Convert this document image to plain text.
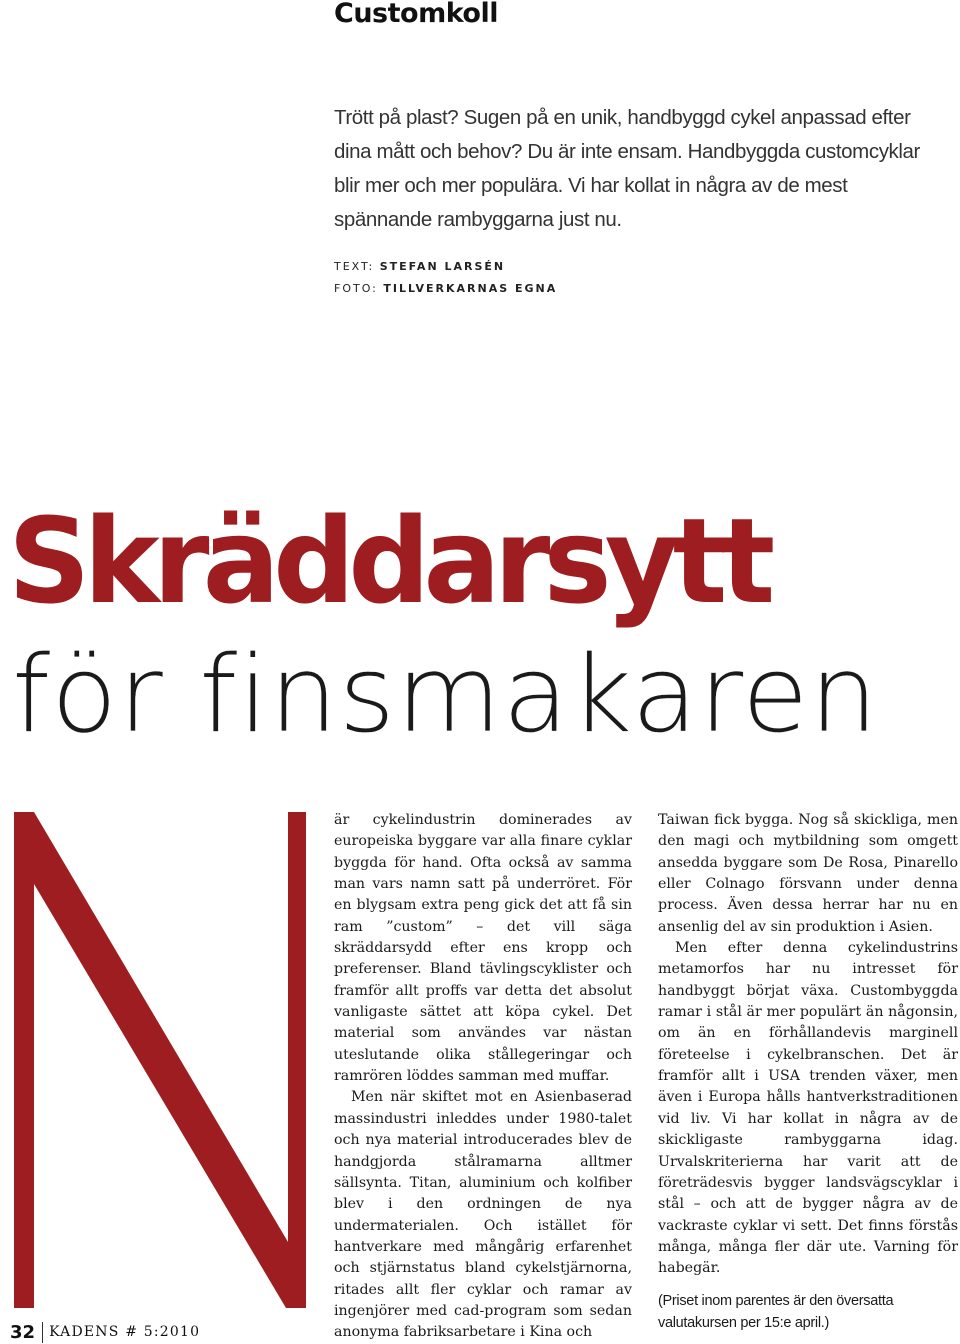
Customkoll

Trött på plast? Sugen på en unik, handbyggd cykel anpassad efter dina mått och behov? Du är inte ensam. Handbyggda customcyklar blir mer och mer populära. Vi har kollat in några av de mest spännande rambyggarna just nu.

TEXT: STEFAN LARSÉN
FOTO: TILLVERKARNAS EGNA
Skräddarsytt
för finsmakaren

är cykelindustrin dominerades av europeiska byggare var alla finare cyklar byggda för hand. Ofta också av samma man vars namn satt på underröret. För en blygsam extra peng gick det att få sin ram ”custom” – det vill säga skräddarsydd efter ens kropp och preferenser. Bland tävlingscyklister och framför allt proffs var detta det absolut vanligaste sättet att köpa cykel. Det material som användes var nästan uteslutande olika stållegeringar och ramrören löddes samman med muffar.

Men när skiftet mot en Asienbaserad massindustri inleddes under 1980-talet och nya material introducerades blev de handgjorda stålramarna alltmer sällsynta. Titan, aluminium och kolfiber blev i den ordningen de nya undermaterialen. Och istället för hantverkare med mångårig erfarenhet och stjärnstatus bland cykelstjärnorna, ritades allt fler cyklar och ramar av ingenjörer med cad-program som sedan anonyma fabriksarbetare i Kina och

Taiwan fick bygga. Nog så skickliga, men den magi och mytbildning som omgett ansedda byggare som De Rosa, Pinarello eller Colnago försvann under denna process. Även dessa herrar har nu en ansenlig del av sin produktion i Asien.

Men efter denna cykelindustrins metamorfos har nu intresset för handbyggt börjat växa. Custombyggda ramar i stål är mer populärt än någonsin, om än en förhållandevis marginell företeelse i cykelbranschen. Det är framför allt i USA trenden växer, men även i Europa hålls hantverkstraditionen vid liv. Vi har kollat in några av de skickligaste rambyggarna idag. Urvalskriterierna har varit att de företrädesvis bygger landsvägscyklar i stål – och att de bygger några av de vackraste cyklar vi sett. Det finns förstås många, många fler där ute. Varning för habegär.

(Priset inom parentes är den översatta valutakursen per 15:e april.)

32	KADENS # 5:2010
